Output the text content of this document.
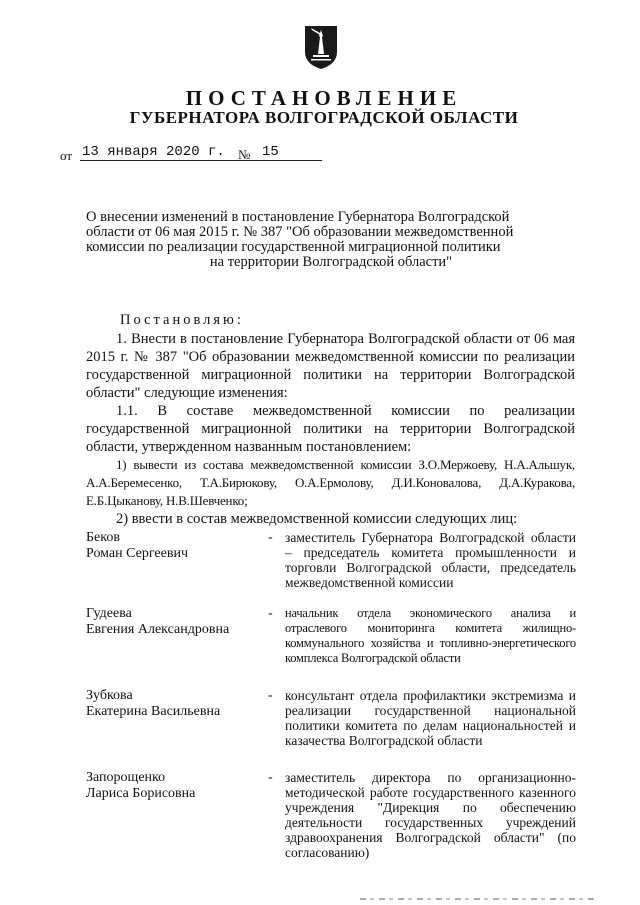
ПОСТАНОВЛЕНИЕ
ГУБЕРНАТОРА ВОЛГОГРАДСКОЙ ОБЛАСТИ
от 13 января 2020 г.	№ 15
О внесении изменений в постановление Губернатора Волгоградской
области от 06 мая 2015 г. № 387 "Об образовании межведомственной
комиссии по реализации государственной миграционной политики
на территории Волгоградской области"
Постановляю:

1. Внести в постановление Губернатора Волгоградской области от 06 мая 2015 г. № 387 "Об образовании межведомственной комиссии по реализации государственной миграционной политики на территории Волгоградской области" следующие изменения:

1.1. В составе межведомственной комиссии по реализации государственной миграционной политики на территории Волгоградской области, утвержденном названным постановлением:

1) вывести из состава межведомственной комиссии З.О.Мержоеву, Н.А.Альшук, А.А.Беремесенко, Т.А.Бирюкову, О.А.Ермолову, Д.И.Коновалова, Д.А.Куракова, Е.Б.Цыканову, Н.В.Шевченко;

2) ввести в состав межведомственной комиссии следующих лиц:

Беков
Роман Сергеевич
- заместитель Губернатора Волгоградской области – председатель комитета промышленности и торговли Волгоградской области, председатель межведомственной комиссии
Гудеева
Евгения Александровна
- начальник отдела экономического анализа и отраслевого мониторинга комитета жилищно-коммунального хозяйства и топливно-энергетического комплекса Волгоградской области
Зубкова
Екатерина Васильевна
- консультант отдела профилактики экстремизма и реализации государственной национальной политики комитета по делам национальностей и казачества Волгоградской области
Запорощенко
Лариса Борисовна
- заместитель директора по организационно-методической работе государственного казенного учреждения "Дирекция по обеспечению деятельности государственных учреждений здравоохранения Волгоградской области" (по согласованию)
